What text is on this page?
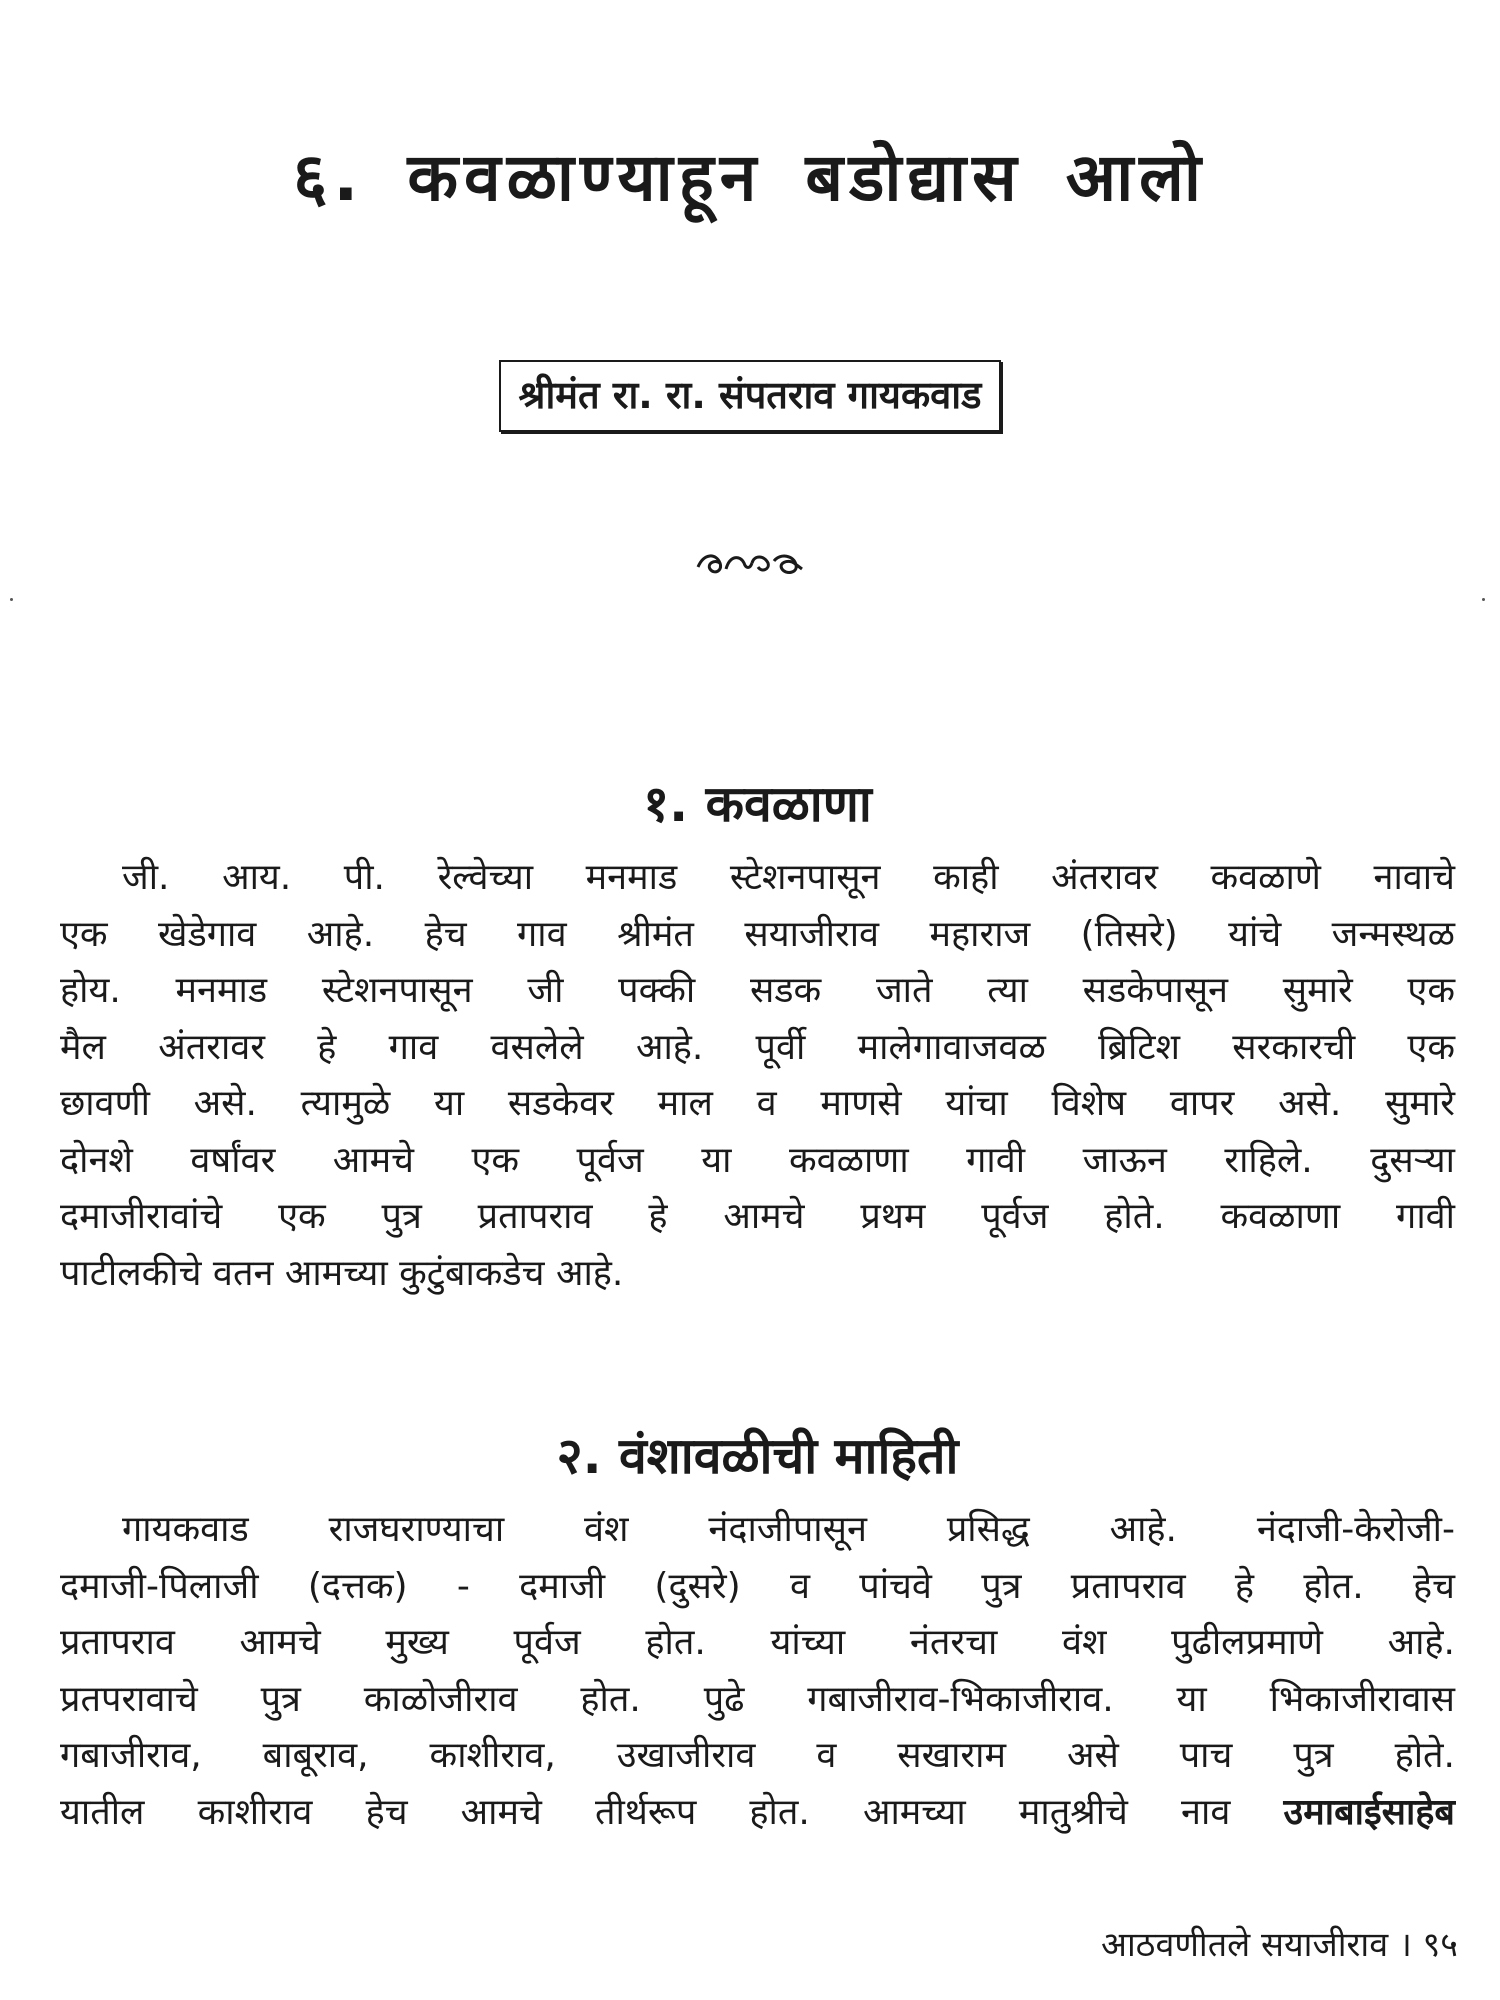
६. कवळाण्याहून बडोद्यास आलो
श्रीमंत रा. रा. संपतराव गायकवाड
१. कवळाणा

जी. आय. पी. रेल्वेच्या मनमाड स्टेशनपासून काही अंतरावर कवळाणे नावाचे
एक खेडेगाव आहे. हेच गाव श्रीमंत सयाजीराव महाराज (तिसरे) यांचे जन्मस्थळ
होय. मनमाड स्टेशनपासून जी पक्की सडक जाते त्या सडकेपासून सुमारे एक
मैल अंतरावर हे गाव वसलेले आहे. पूर्वी मालेगावाजवळ ब्रिटिश सरकारची एक
छावणी असे. त्यामुळे या सडकेवर माल व माणसे यांचा विशेष वापर असे. सुमारे
दोनशे वर्षांवर आमचे एक पूर्वज या कवळाणा गावी जाऊन राहिले. दुसऱ्या
दमाजीरावांचे एक पुत्र प्रतापराव हे आमचे प्रथम पूर्वज होते. कवळाणा गावी
पाटीलकीचे वतन आमच्या कुटुंबाकडेच आहे.

२. वंशावळीची माहिती

गायकवाड राजघराण्याचा वंश नंदाजीपासून प्रसिद्ध आहे. नंदाजी-केरोजी-
दमाजी-पिलाजी (दत्तक) - दमाजी (दुसरे) व पांचवे पुत्र प्रतापराव हे होत. हेच
प्रतापराव आमचे मुख्य पूर्वज होत. यांच्या नंतरचा वंश पुढीलप्रमाणे आहे.
प्रतपरावाचे पुत्र काळोजीराव होत. पुढे गबाजीराव-भिकाजीराव. या भिकाजीरावास
गबाजीराव, बाबूराव, काशीराव, उखाजीराव व सखाराम असे पाच पुत्र होते.
यातील काशीराव हेच आमचे तीर्थरूप होत. आमच्या मातुश्रीचे नाव उमाबाईसाहेब

आठवणीतले सयाजीराव । ९५
